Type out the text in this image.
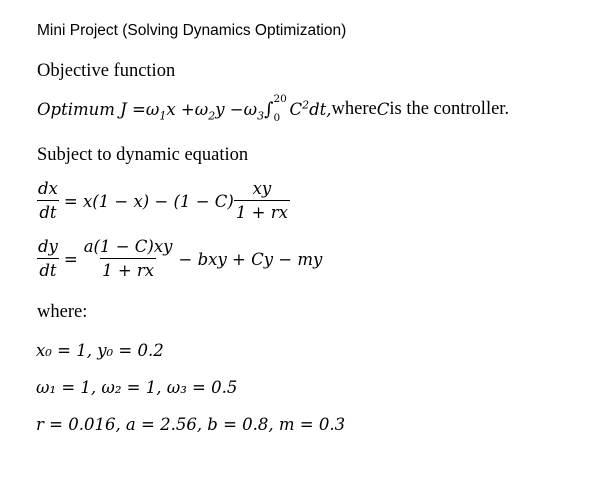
Mini Project (Solving Dynamics Optimization)
Objective function
Optimum $J = \omega_1$ $x + \omega_2$ $y - \omega_3$ ∫
20
0 $C^2$ dt, where C is the controller.
Subject to dynamic equation
$\frac{dx}{dt} = x(1 - x) - (1 - C) \frac{xy}{1 + rx}$
$\frac{dy}{dt} = \frac{a(1 - C)xy}{1 + rx}$ − bxy + Cy − my
where:
x₀ = 1, y₀ = 0.2
ω₁ = 1, ω₂ = 1, ω₃ = 0.5
r = 0.016, a = 2.56, b = 0.8, m = 0.3
